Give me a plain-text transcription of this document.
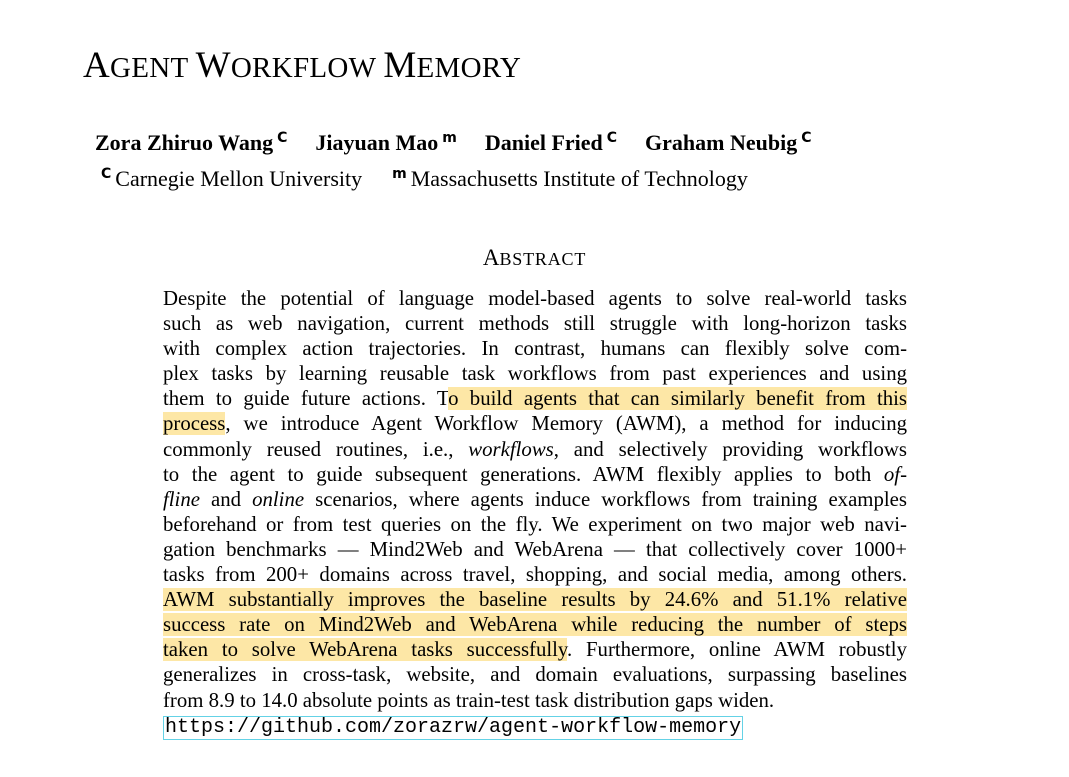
AGENT WORKFLOW MEMORY
Zora Zhiruo Wang $^C$ Jiayuan Mao $^m$ Daniel Fried $^C$ Graham Neubig $^C$
$^C$ Carnegie Mellon University $^m$ Massachusetts Institute of Technology
ABSTRACT
Despite the potential of language model-based agents to solve real-world tasks
such as web navigation, current methods still struggle with long-horizon tasks
with complex action trajectories. In contrast, humans can flexibly solve com-
plex tasks by learning reusable task workflows from past experiences and using
them to guide future actions. To build agents that can similarly benefit from this
process, we introduce Agent Workflow Memory (AWM), a method for inducing
commonly reused routines, i.e., workflows, and selectively providing workflows
to the agent to guide subsequent generations. AWM flexibly applies to both of-
fline and online scenarios, where agents induce workflows from training examples
beforehand or from test queries on the fly. We experiment on two major web navi-
gation benchmarks — Mind2Web and WebArena — that collectively cover 1000+
tasks from 200+ domains across travel, shopping, and social media, among others.
AWM substantially improves the baseline results by 24.6% and 51.1% relative
success rate on Mind2Web and WebArena while reducing the number of steps
taken to solve WebArena tasks successfully. Furthermore, online AWM robustly
generalizes in cross-task, website, and domain evaluations, surpassing baselines
from 8.9 to 14.0 absolute points as train-test task distribution gaps widen.
https://github.com/zorazrw/agent-workflow-memory
